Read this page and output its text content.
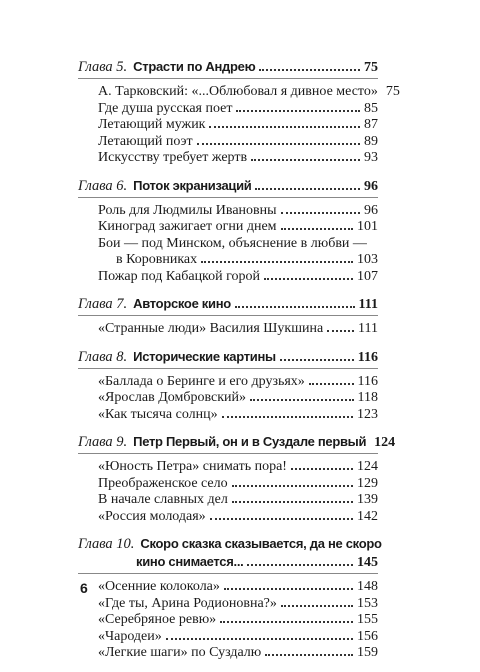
Глава 5. Страсти по Андрею	75
А. Тарковский: «...Облюбовал я дивное место» 75
Где душа русская поет	85
Летающий мужик	87
Летающий поэт	89
Искусству требует жертв	93
Глава 6. Поток экранизаций	96
Роль для Людмилы Ивановны	96
Киноград зажигает огни днем	101
Бои — под Минском, объяснение в любви —
в Коровниках	103
Пожар под Кабацкой горой	107
Глава 7. Авторское кино	111
«Странные люди» Василия Шукшина 111
Глава 8. Исторические картины	116
«Баллада о Беринге и его друзьях»	116
«Ярослав Домбровский»	118
«Как тысяча солнц»	123
Глава 9. Петр Первый, он и в Суздале первый 124
«Юность Петра» снимать пора!	124
Преображенское село	129
В начале славных дел	139
«Россия молодая»	142
Глава 10. Скоро сказка сказывается, да не скоро
кино снимается...	145
«Осенние колокола»	148
«Где ты, Арина Родионовна?»	153
«Серебряное ревю»	155
«Чародеи»	156
«Легкие шаги» по Суздалю	159
6
